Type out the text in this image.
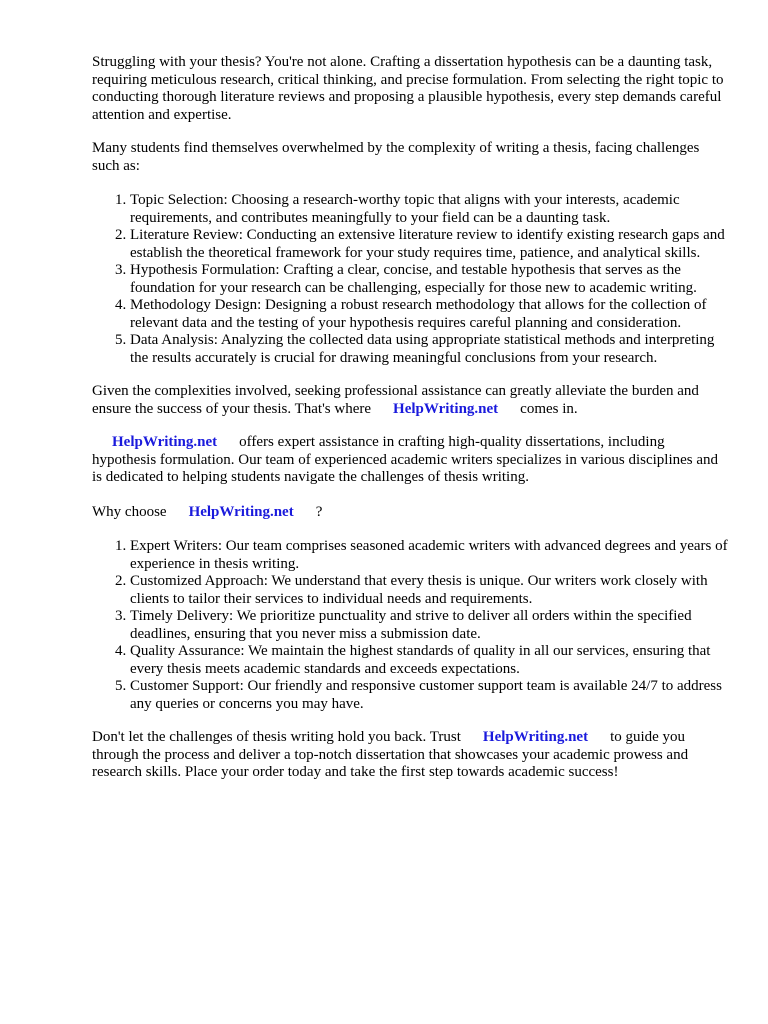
Struggling with your thesis? You're not alone. Crafting a dissertation hypothesis can be a daunting task, requiring meticulous research, critical thinking, and precise formulation. From selecting the right topic to conducting thorough literature reviews and proposing a plausible hypothesis, every step demands careful attention and expertise.

Many students find themselves overwhelmed by the complexity of writing a thesis, facing challenges such as:

1. Topic Selection: Choosing a research-worthy topic that aligns with your interests, academic requirements, and contributes meaningfully to your field can be a daunting task.
2. Literature Review: Conducting an extensive literature review to identify existing research gaps and establish the theoretical framework for your study requires time, patience, and analytical skills.
3. Hypothesis Formulation: Crafting a clear, concise, and testable hypothesis that serves as the foundation for your research can be challenging, especially for those new to academic writing.
4. Methodology Design: Designing a robust research methodology that allows for the collection of relevant data and the testing of your hypothesis requires careful planning and consideration.
5. Data Analysis: Analyzing the collected data using appropriate statistical methods and interpreting the results accurately is crucial for drawing meaningful conclusions from your research.

Given the complexities involved, seeking professional assistance can greatly alleviate the burden and ensure the success of your thesis. That's where HelpWriting.net comes in.

HelpWriting.net offers expert assistance in crafting high-quality dissertations, including hypothesis formulation. Our team of experienced academic writers specializes in various disciplines and is dedicated to helping students navigate the challenges of thesis writing.

Why choose HelpWriting.net ?

1. Expert Writers: Our team comprises seasoned academic writers with advanced degrees and years of experience in thesis writing.
2. Customized Approach: We understand that every thesis is unique. Our writers work closely with clients to tailor their services to individual needs and requirements.
3. Timely Delivery: We prioritize punctuality and strive to deliver all orders within the specified deadlines, ensuring that you never miss a submission date.
4. Quality Assurance: We maintain the highest standards of quality in all our services, ensuring that every thesis meets academic standards and exceeds expectations.
5. Customer Support: Our friendly and responsive customer support team is available 24/7 to address any queries or concerns you may have.

Don't let the challenges of thesis writing hold you back. Trust HelpWriting.net to guide you through the process and deliver a top-notch dissertation that showcases your academic prowess and research skills. Place your order today and take the first step towards academic success!
